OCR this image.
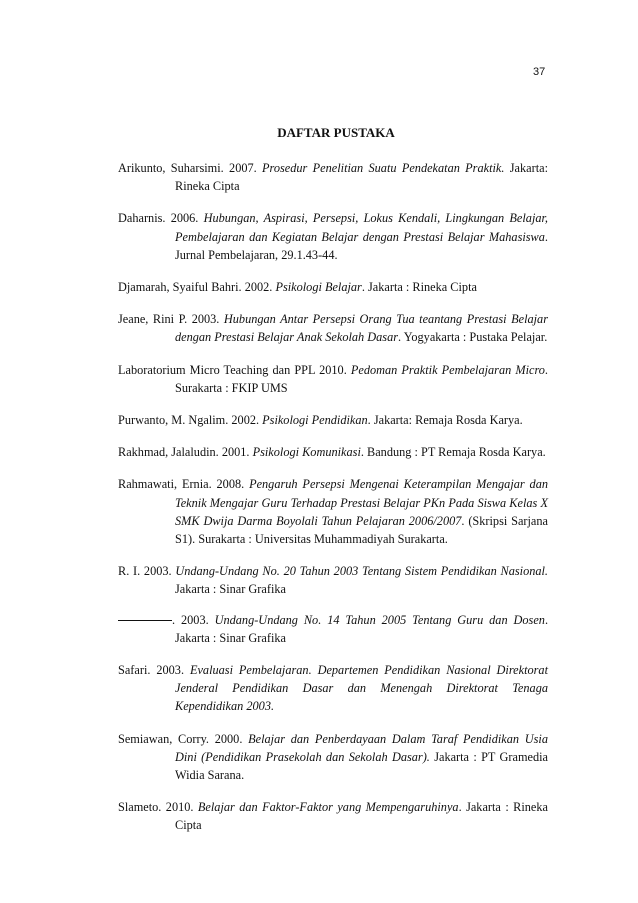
37
DAFTAR PUSTAKA

Arikunto, Suharsimi. 2007. Prosedur Penelitian Suatu Pendekatan Praktik. Jakarta: Rineka Cipta

Daharnis. 2006. Hubungan, Aspirasi, Persepsi, Lokus Kendali, Lingkungan Belajar, Pembelajaran dan Kegiatan Belajar dengan Prestasi Belajar Mahasiswa. Jurnal Pembelajaran, 29.1.43-44.

Djamarah, Syaiful Bahri. 2002. Psikologi Belajar. Jakarta : Rineka Cipta

Jeane, Rini P. 2003. Hubungan Antar Persepsi Orang Tua teantang Prestasi Belajar dengan Prestasi Belajar Anak Sekolah Dasar. Yogyakarta : Pustaka Pelajar.

Laboratorium Micro Teaching dan PPL 2010. Pedoman Praktik Pembelajaran Micro. Surakarta : FKIP UMS

Purwanto, M. Ngalim. 2002. Psikologi Pendidikan. Jakarta: Remaja Rosda Karya.

Rakhmad, Jalaludin. 2001. Psikologi Komunikasi. Bandung : PT Remaja Rosda Karya.

Rahmawati, Ernia. 2008. Pengaruh Persepsi Mengenai Keterampilan Mengajar dan Teknik Mengajar Guru Terhadap Prestasi Belajar PKn Pada Siswa Kelas X SMK Dwija Darma Boyolali Tahun Pelajaran 2006/2007. (Skripsi Sarjana S1). Surakarta : Universitas Muhammadiyah Surakarta.

R. I. 2003. Undang-Undang No. 20 Tahun 2003 Tentang Sistem Pendidikan Nasional. Jakarta : Sinar Grafika

. 2003. Undang-Undang No. 14 Tahun 2005 Tentang Guru dan Dosen. Jakarta : Sinar Grafika

Safari. 2003. Evaluasi Pembelajaran. Departemen Pendidikan Nasional Direktorat Jenderal Pendidikan Dasar dan Menengah Direktorat Tenaga Kependidikan 2003.

Semiawan, Corry. 2000. Belajar dan Penberdayaan Dalam Taraf Pendidikan Usia Dini (Pendidikan Prasekolah dan Sekolah Dasar). Jakarta : PT Gramedia Widia Sarana.

Slameto. 2010. Belajar dan Faktor-Faktor yang Mempengaruhinya. Jakarta : Rineka Cipta
